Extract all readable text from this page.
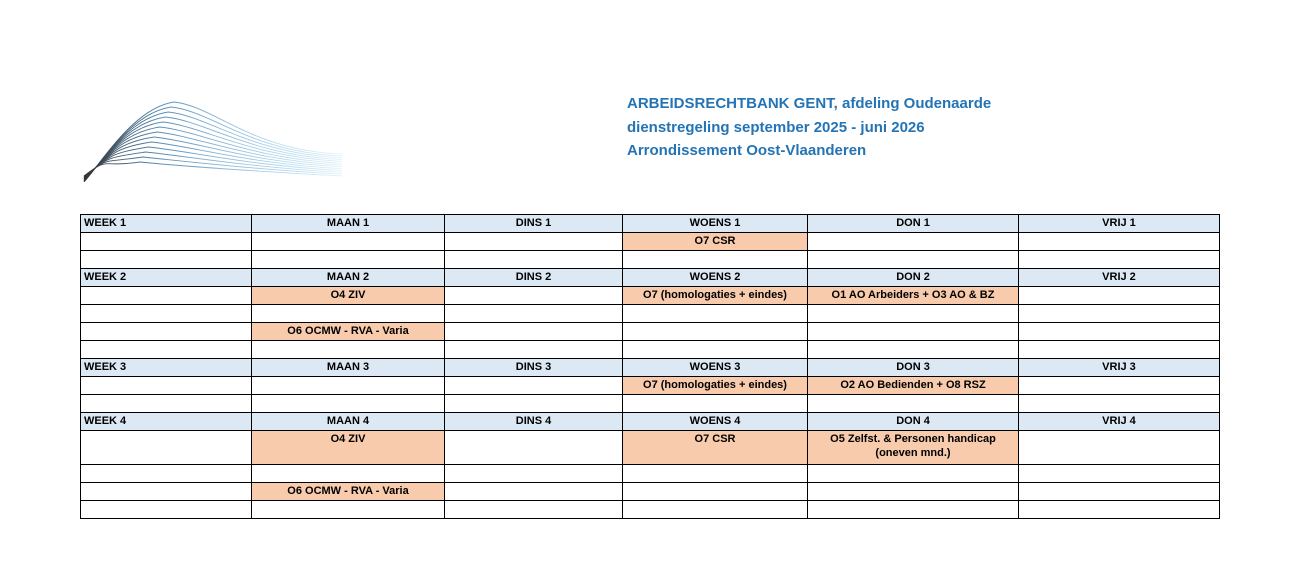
ARBEIDSRECHTBANK GENT, afdeling Oudenaarde
dienstregeling september 2025 - juni 2026
Arrondissement Oost-Vlaanderen
WEEK 1	MAAN 1	DINS 1	WOENS 1	DON 1	VRIJ 1
			O7 CSR		

WEEK 2	MAAN 2	DINS 2	WOENS 2	DON 2	VRIJ 2
	O4 ZIV		O7 (homologaties + eindes)	O1 AO Arbeiders + O3 AO & BZ	

	O6 OCMW - RVA - Varia				

WEEK 3	MAAN 3	DINS 3	WOENS 3	DON 3	VRIJ 3
			O7 (homologaties + eindes)	O2 AO Bedienden + O8 RSZ	

WEEK 4	MAAN 4	DINS 4	WOENS 4	DON 4	VRIJ 4
	O4 ZIV		O7 CSR	O5 Zelfst. & Personen handicap (oneven mnd.)	

	O6 OCMW - RVA - Varia				
